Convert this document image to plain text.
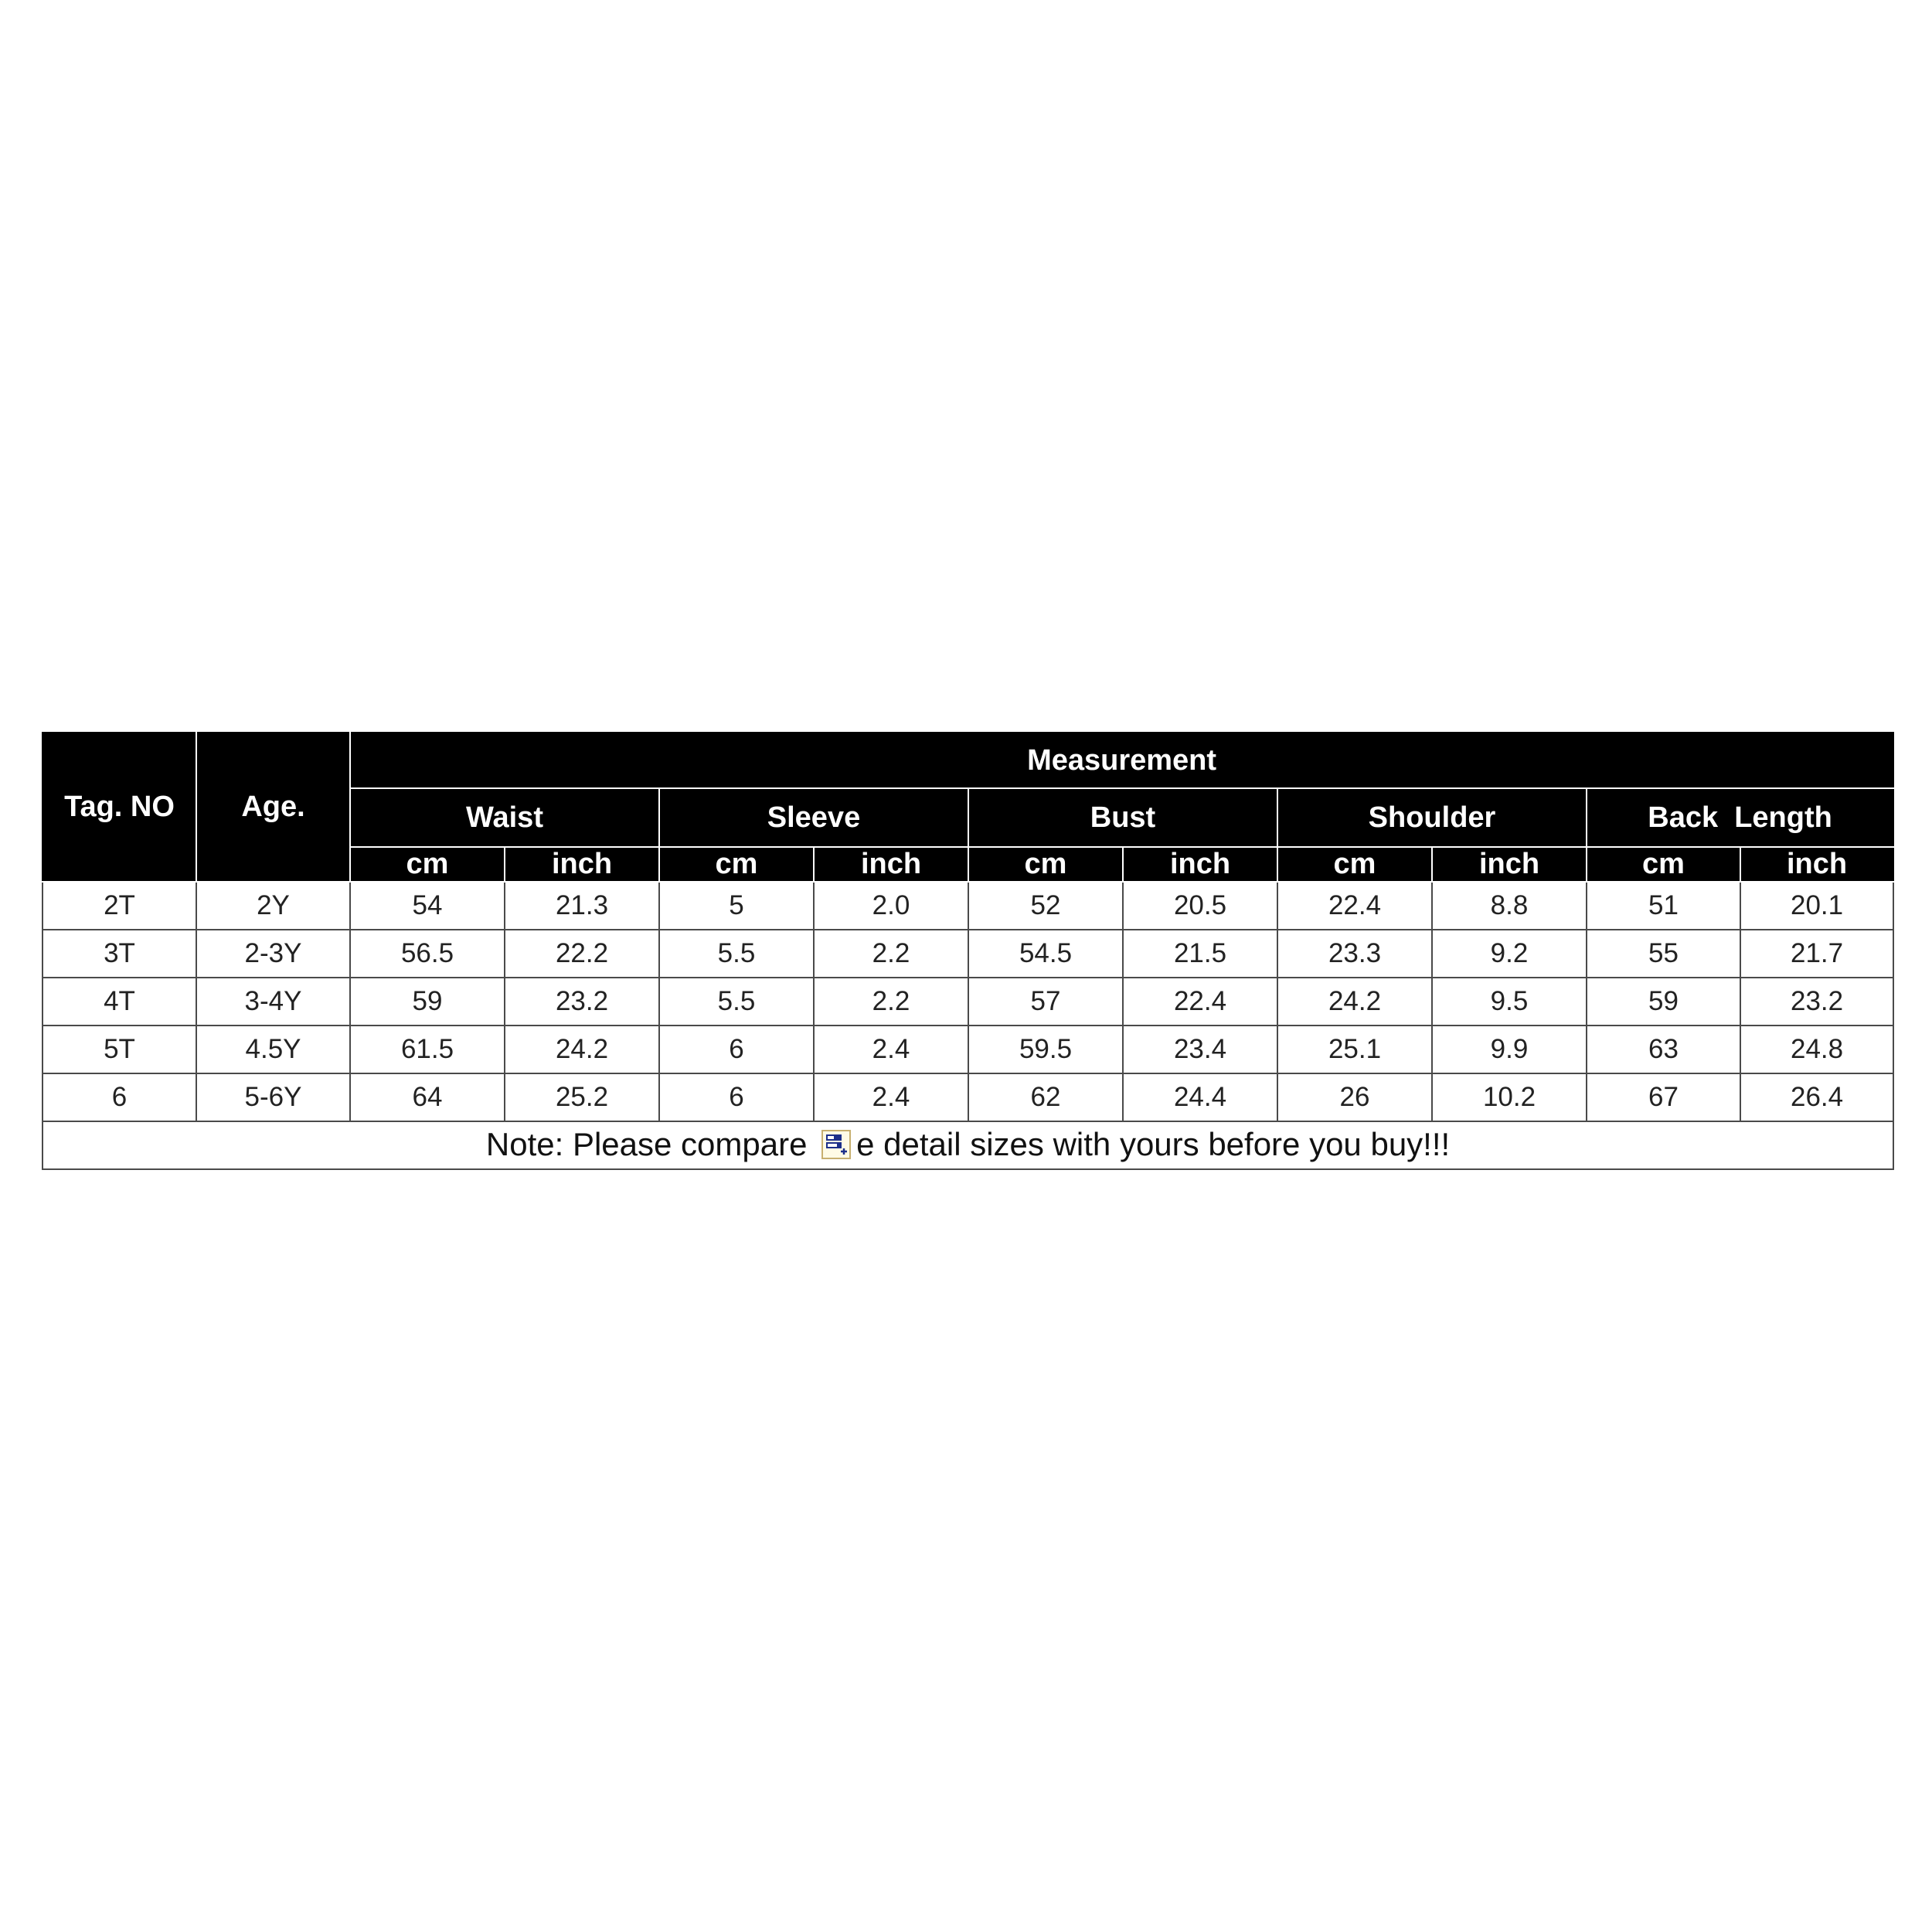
Tag. NO	Age.	Measurement									
		Waist		Sleeve		Bust		Shoulder		Back  Length	
		cm	inch	cm	inch	cm	inch	cm	inch	cm	inch
2T	2Y	54	21.3	5	2.0	52	20.5	22.4	8.8	51	20.1
3T	2-3Y	56.5	22.2	5.5	2.2	54.5	21.5	23.3	9.2	55	21.7
4T	3-4Y	59	23.2	5.5	2.2	57	22.4	24.2	9.5	59	23.2
5T	4.5Y	61.5	24.2	6	2.4	59.5	23.4	25.1	9.9	63	24.8
6	5-6Y	64	25.2	6	2.4	62	24.4	26	10.2	67	26.4
Note: Please compare e detail sizes with yours before you buy!!!											
